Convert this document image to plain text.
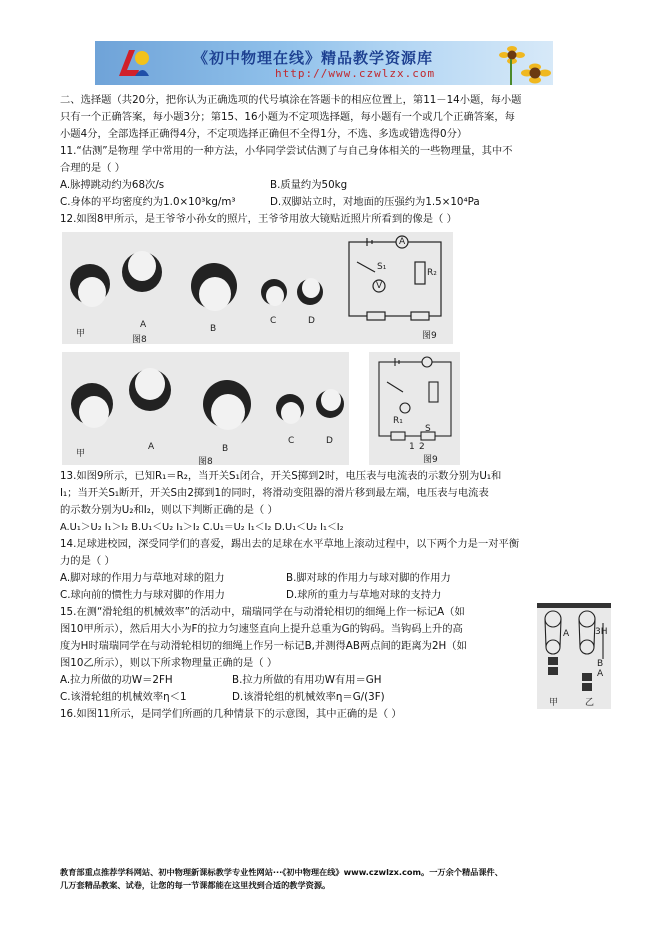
《初中物理在线》精品教学资源库
http://www.czwlzx.com
二、选择题（共20分，把你认为正确选项的代号填涂在答题卡的相应位置上，第11－14小题，每小题
只有一个正确答案，每小题3分；第15、16小题为不定项选择题，每小题有一个或几个正确答案，每
小题4分，全部选择正确得4分，不定项选择正确但不全得1分，不选、多选或错选得0分）
11.“估测”是物理 学中常用的一种方法，小华同学尝试估测了与自己身体相关的一些物理量，其中不
合理的是（ ）
A.脉搏跳动约为68次/s	B.质量约为50kg
C.身体的平均密度约为1.0×10³kg/m³	D.双脚站立时，对地面的压强约为1.5×10⁴Pa
12.如图8甲所示，是王爷爷小孙女的照片，王爷爷用放大镜贴近照片所看到的像是（ ）
甲
A	B
C	D
图8
A
S₁
V
R₂
图9
甲
A	B
C	D
图8
R₁
1 2
S
图9
13.如图9所示，已知R₁＝R₂，当开关S₁闭合，开关S掷到2时，电压表与电流表的示数分别为U₁和
I₁；当开关S₁断开，开关S由2掷到1的同时，将滑动变阻器的滑片移到最左端，电压表与电流表
的示数分别为U₂和I₂，则以下判断正确的是（ ）
A.U₁＞U₂ I₁＞I₂ B.U₁＜U₂ I₁＞I₂ C.U₁＝U₂ I₁＜I₂ D.U₁＜U₂ I₁＜I₂
14.足球进校园，深受同学们的喜爱，踢出去的足球在水平草地上滚动过程中，以下两个力是一对平衡
力的是（ ）
A.脚对球的作用力与草地对球的阻力	B.脚对球的作用力与球对脚的作用力
C.球向前的惯性力与球对脚的作用力	D.球所的重力与草地对球的支持力
15.在测“滑轮组的机械效率”的活动中，瑞瑞同学在与动滑轮相切的细绳上作一标记A（如
图10甲所示），然后用大小为F的拉力匀速竖直向上提升总重为G的钩码。当钩码上升的高
度为H时瑞瑞同学在与动滑轮相切的细绳上作另一标记B,并测得AB两点间的距离为2H（如
图10乙所示），则以下所求物理量正确的是（ ）
A.拉力所做的功W＝2FH	B.拉力所做的有用功W有用＝GH
C.该滑轮组的机械效率η＜1	D.该滑轮组的机械效率η＝G/(3F)
16.如图11所示，是同学们所画的几种情景下的示意图，其中正确的是（ ）
A	3H
B
A
甲	乙
教育部重点推荐学科网站、初中物理新课标教学专业性网站···《初中物理在线》www.czwlzx.com。一万余个精品课件、
几万套精品教案、试卷，让您的每一节课都能在这里找到合适的教学资源。
